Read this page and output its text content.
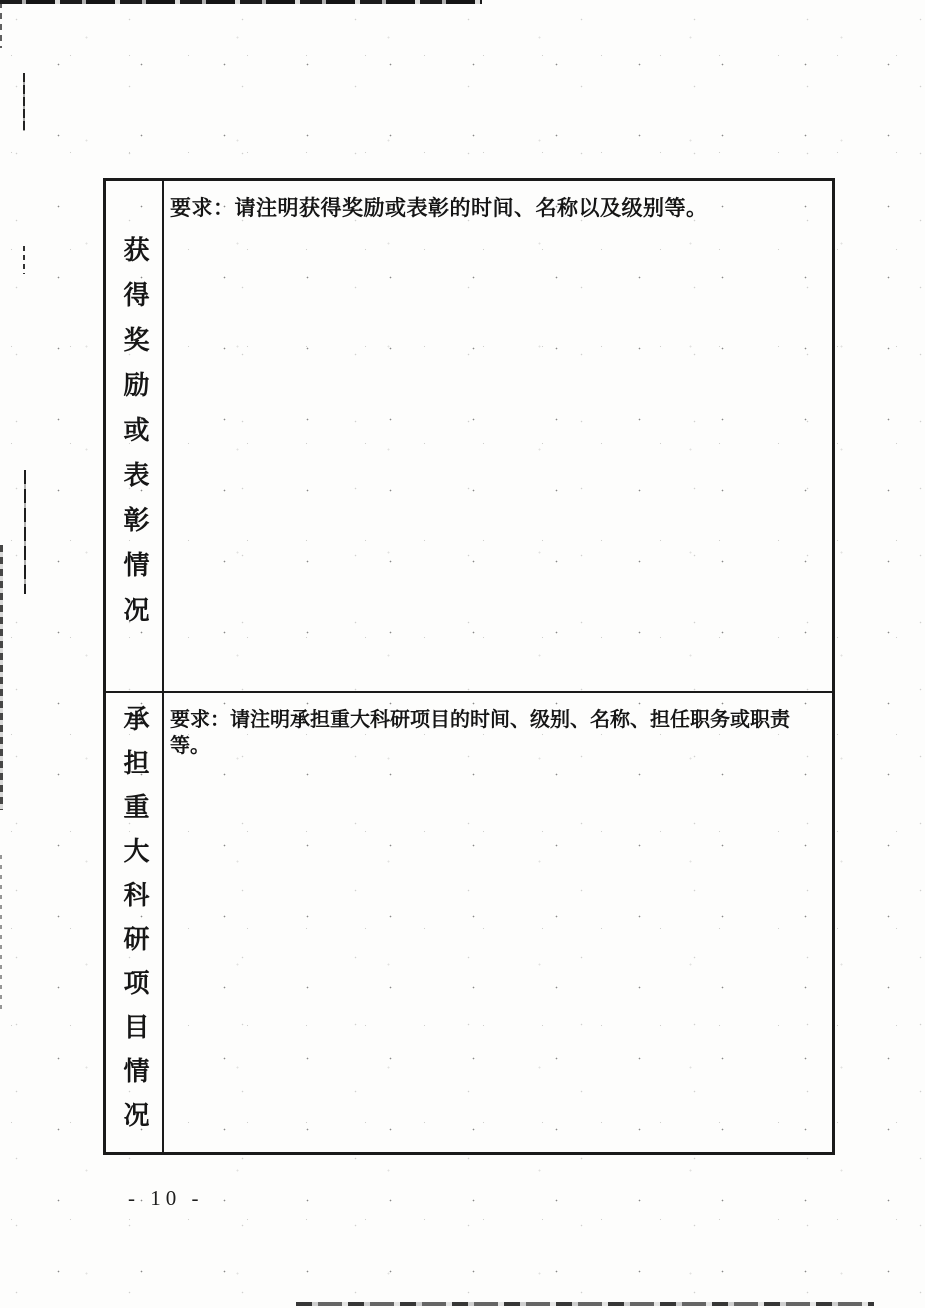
获得奖励或表彰情况

要求：请注明获得奖励或表彰的时间、名称以及级别等。

承担重大科研项目情况 要求：请注明承担重大科研项目的时间、级别、名称、担任职务或职责等。

- 10 -
